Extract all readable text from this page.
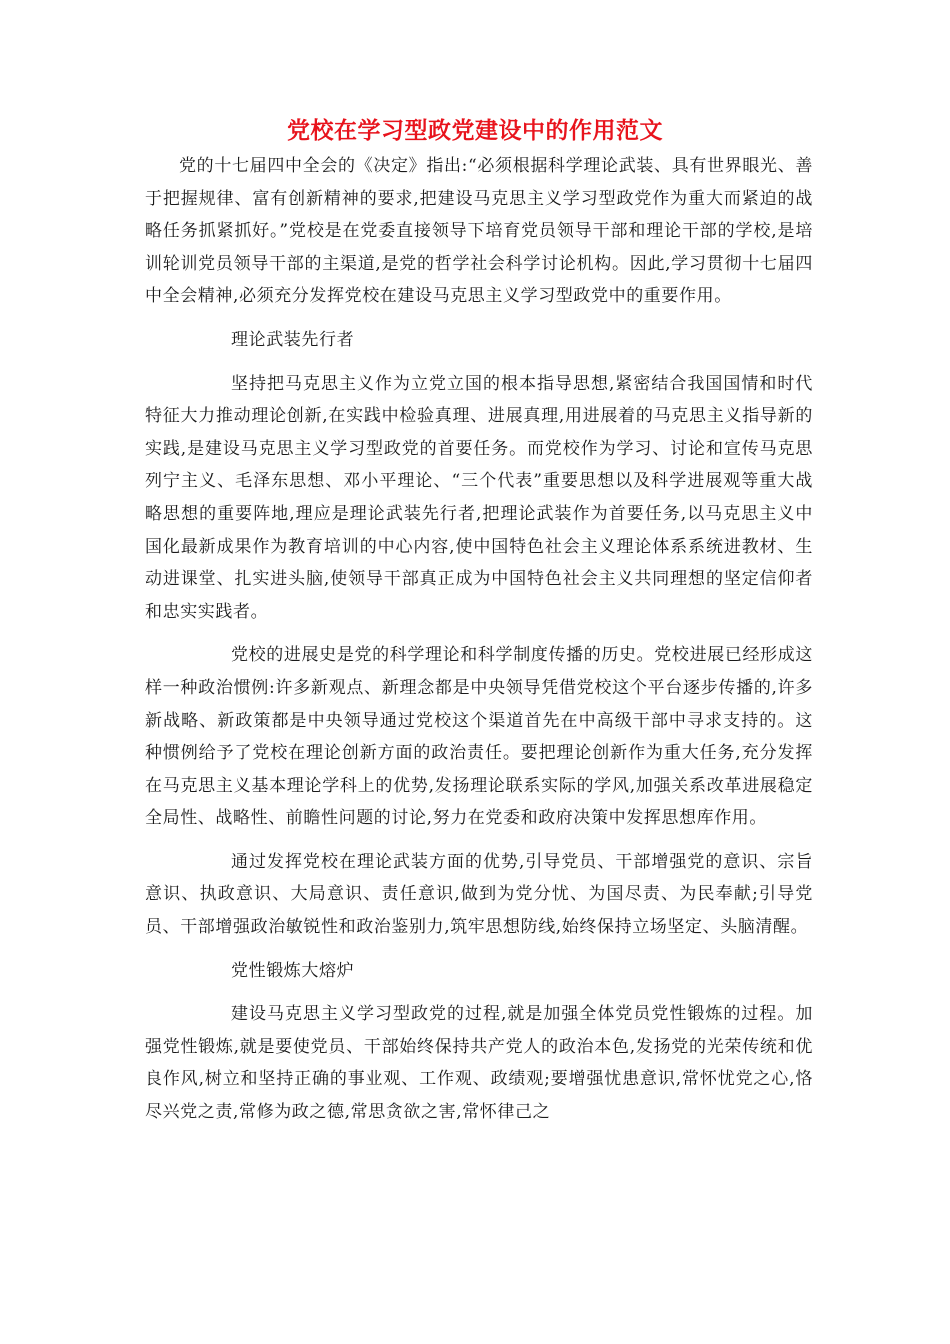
党校在学习型政党建设中的作用范文

党的十七届四中全会的《决定》指出:“必须根据科学理论武装、具有世界眼光、善于把握规律、富有创新精神的要求,把建设马克思主义学习型政党作为重大而紧迫的战略任务抓紧抓好。”党校是在党委直接领导下培育党员领导干部和理论干部的学校,是培训轮训党员领导干部的主渠道,是党的哲学社会科学讨论机构。因此,学习贯彻十七届四中全会精神,必须充分发挥党校在建设马克思主义学习型政党中的重要作用。

理论武装先行者

坚持把马克思主义作为立党立国的根本指导思想,紧密结合我国国情和时代特征大力推动理论创新,在实践中检验真理、进展真理,用进展着的马克思主义指导新的实践,是建设马克思主义学习型政党的首要任务。而党校作为学习、讨论和宣传马克思列宁主义、毛泽东思想、邓小平理论、“三个代表”重要思想以及科学进展观等重大战略思想的重要阵地,理应是理论武装先行者,把理论武装作为首要任务,以马克思主义中国化最新成果作为教育培训的中心内容,使中国特色社会主义理论体系系统进教材、生动进课堂、扎实进头脑,使领导干部真正成为中国特色社会主义共同理想的坚定信仰者和忠实实践者。

党校的进展史是党的科学理论和科学制度传播的历史。党校进展已经形成这样一种政治惯例:许多新观点、新理念都是中央领导凭借党校这个平台逐步传播的,许多新战略、新政策都是中央领导通过党校这个渠道首先在中高级干部中寻求支持的。这种惯例给予了党校在理论创新方面的政治责任。要把理论创新作为重大任务,充分发挥在马克思主义基本理论学科上的优势,发扬理论联系实际的学风,加强关系改革进展稳定全局性、战略性、前瞻性问题的讨论,努力在党委和政府决策中发挥思想库作用。

通过发挥党校在理论武装方面的优势,引导党员、干部增强党的意识、宗旨意识、执政意识、大局意识、责任意识,做到为党分忧、为国尽责、为民奉献;引导党员、干部增强政治敏锐性和政治鉴别力,筑牢思想防线,始终保持立场坚定、头脑清醒。

党性锻炼大熔炉

建设马克思主义学习型政党的过程,就是加强全体党员党性锻炼的过程。加强党性锻炼,就是要使党员、干部始终保持共产党人的政治本色,发扬党的光荣传统和优良作风,树立和坚持正确的事业观、工作观、政绩观;要增强忧患意识,常怀忧党之心,恪尽兴党之责,常修为政之德,常思贪欲之害,常怀律己之
